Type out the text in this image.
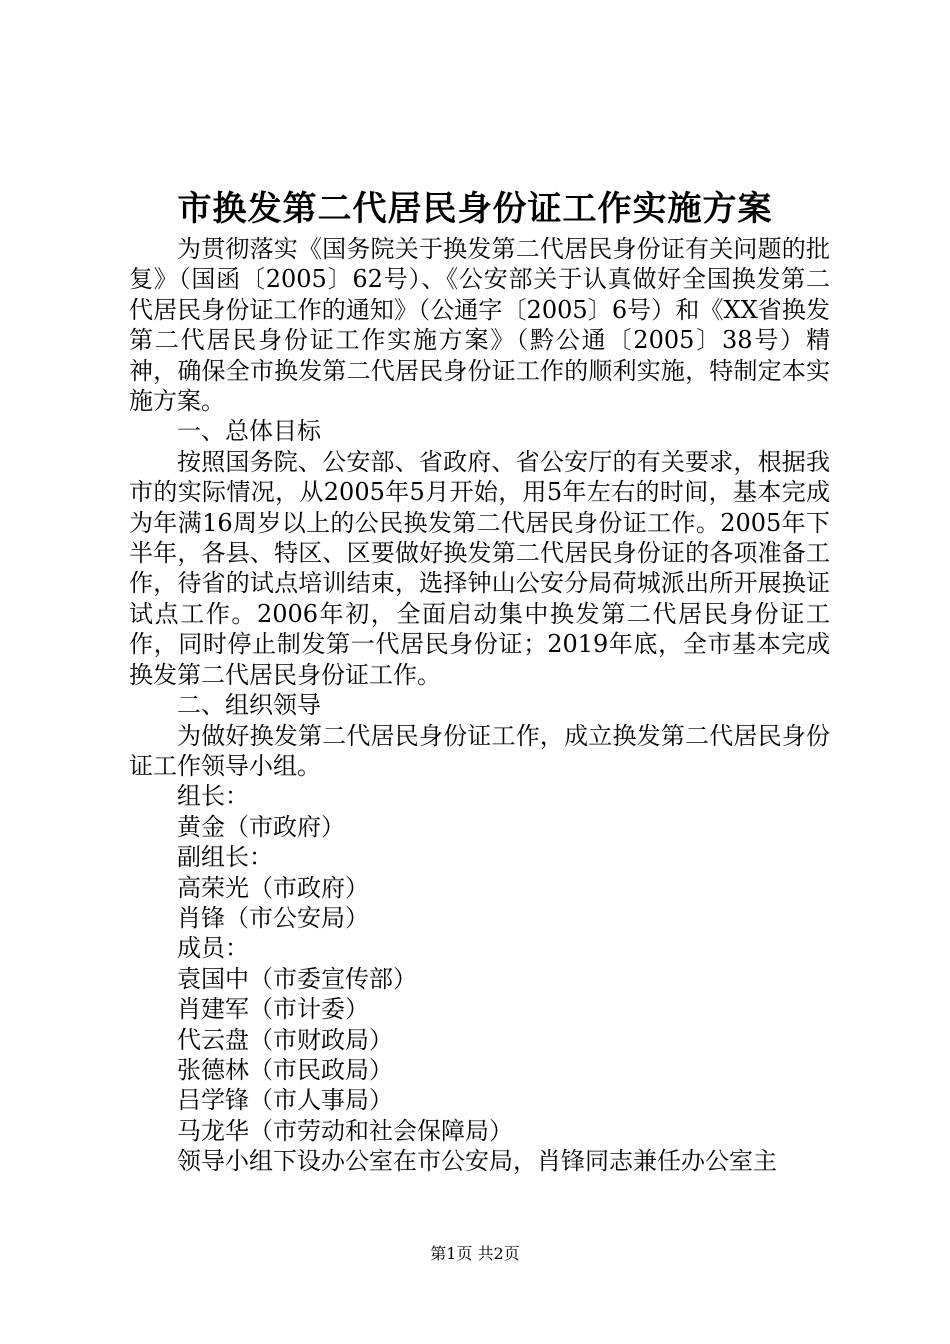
市换发第二代居民身份证工作实施方案

为贯彻落实《国务院关于换发第二代居民身份证有关问题的批复》（国函〔2005〕62号）、《公安部关于认真做好全国换发第二代居民身份证工作的通知》（公通字〔2005〕6号）和《XX省换发第二代居民身份证工作实施方案》（黔公通〔2005〕38号）精神，确保全市换发第二代居民身份证工作的顺利实施，特制定本实施方案。

一、总体目标

按照国务院、公安部、省政府、省公安厅的有关要求，根据我市的实际情况，从2005年5月开始，用5年左右的时间，基本完成为年满16周岁以上的公民换发第二代居民身份证工作。2005年下半年，各县、特区、区要做好换发第二代居民身份证的各项准备工作，待省的试点培训结束，选择钟山公安分局荷城派出所开展换证试点工作。2006年初，全面启动集中换发第二代居民身份证工作，同时停止制发第一代居民身份证；2019年底，全市基本完成换发第二代居民身份证工作。

二、组织领导

为做好换发第二代居民身份证工作，成立换发第二代居民身份证工作领导小组。

组长：

黄金（市政府）

副组长：

高荣光（市政府）

肖锋（市公安局）

成员：

袁国中（市委宣传部）

肖建军（市计委）

代云盘（市财政局）

张德林（市民政局）

吕学锋（市人事局）

马龙华（市劳动和社会保障局）

领导小组下设办公室在市公安局，肖锋同志兼任办公室主

第1页 共2页
